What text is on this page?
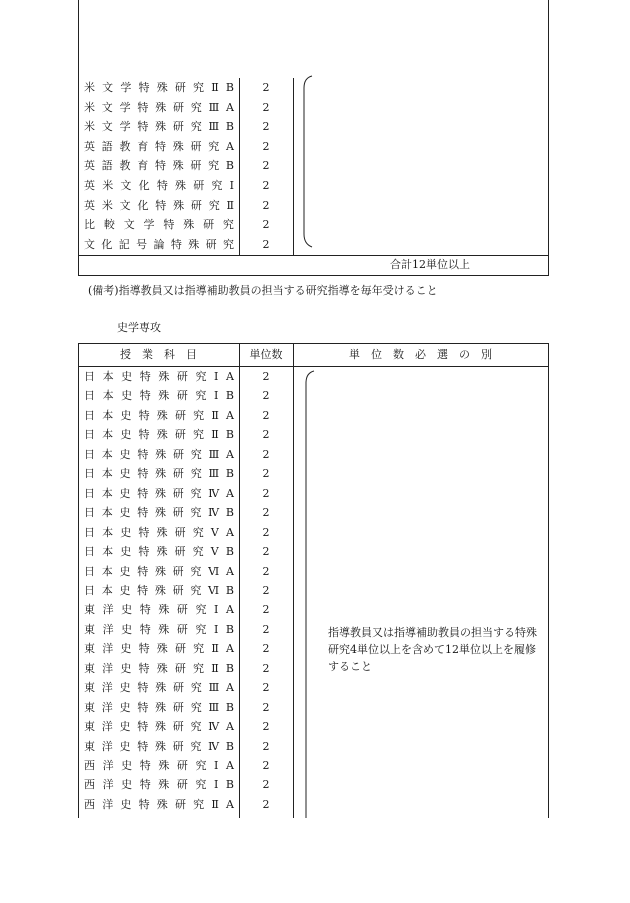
米 文 学 特 殊 研 究 Ⅱ B	2
米 文 学 特 殊 研 究 Ⅲ A	2
米 文 学 特 殊 研 究 Ⅲ B	2
英 語 教 育 特 殊 研 究 A	2
英 語 教 育 特 殊 研 究 B	2
英 米 文 化 特 殊 研 究 Ⅰ	2
英 米 文 化 特 殊 研 究 Ⅱ	2
比 較 文 学 特 殊 研 究	2
文 化 記 号 論 特 殊 研 究	2
合計12単位以上
(備考)指導教員又は指導補助教員の担当する研究指導を毎年受けること
史学専攻
授　業　科　目	単位数	単　位　数　必　選　の　別
日 本 史 特 殊 研 究 Ⅰ A	2
日 本 史 特 殊 研 究 Ⅰ B	2
日 本 史 特 殊 研 究 Ⅱ A	2
日 本 史 特 殊 研 究 Ⅱ B	2
日 本 史 特 殊 研 究 Ⅲ A	2
日 本 史 特 殊 研 究 Ⅲ B	2
日 本 史 特 殊 研 究 Ⅳ A	2
日 本 史 特 殊 研 究 Ⅳ B	2
日 本 史 特 殊 研 究 Ⅴ A	2
日 本 史 特 殊 研 究 Ⅴ B	2
日 本 史 特 殊 研 究 Ⅵ A	2
日 本 史 特 殊 研 究 Ⅵ B	2
東 洋 史 特 殊 研 究 Ⅰ A	2
東 洋 史 特 殊 研 究 Ⅰ B	2
東 洋 史 特 殊 研 究 Ⅱ A	2
東 洋 史 特 殊 研 究 Ⅱ B	2
東 洋 史 特 殊 研 究 Ⅲ A	2
東 洋 史 特 殊 研 究 Ⅲ B	2
東 洋 史 特 殊 研 究 Ⅳ A	2
東 洋 史 特 殊 研 究 Ⅳ B	2
西 洋 史 特 殊 研 究 Ⅰ A	2
西 洋 史 特 殊 研 究 Ⅰ B	2
西 洋 史 特 殊 研 究 Ⅱ A	2
指導教員又は指導補助教員の担当する特殊研究4単位以上を含めて12単位以上を履修すること
